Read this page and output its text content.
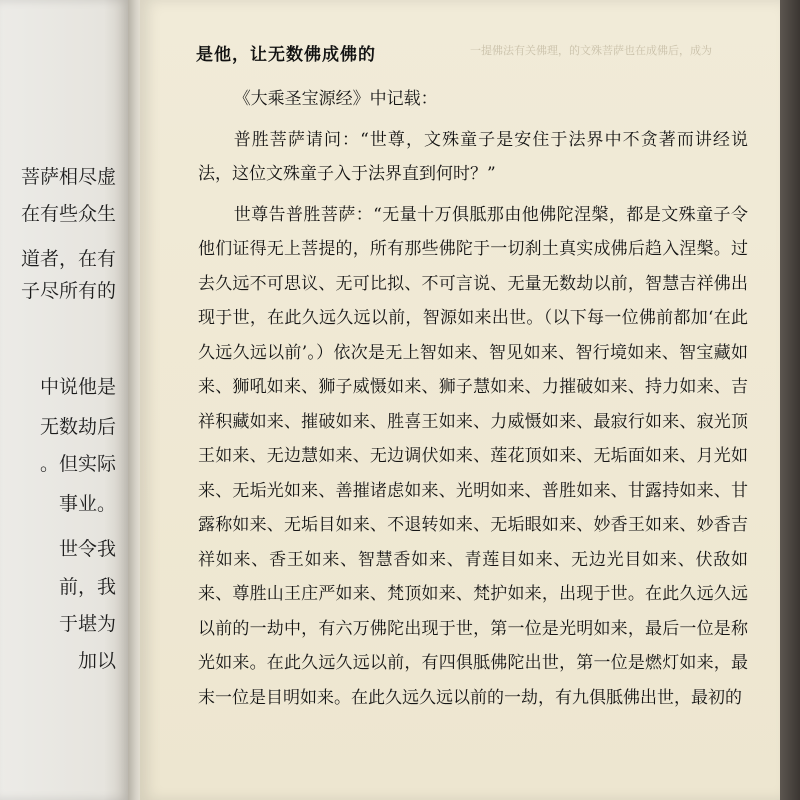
菩萨相尽虚
在有些众生
道者，在有
子尽所有的
中说他是
无数劫后
。但实际
事业。
世令我
前，我
于堪为
加以
一提佛法有关佛理，的文殊菩萨也在成佛后，成为
是他，让无数佛成佛的

《大乘圣宝源经》中记载：

普胜菩萨请问：“世尊，文殊童子是安住于法界中不贪著而讲经说法，这位文殊童子入于法界直到何时？”

世尊告普胜菩萨：“无量十万俱胝那由他佛陀涅槃，都是文殊童子令他们证得无上菩提的，所有那些佛陀于一切刹土真实成佛后趋入涅槃。过去久远不可思议、无可比拟、不可言说、无量无数劫以前，智慧吉祥佛出现于世，在此久远久远以前，智源如来出世。（以下每一位佛前都加‘在此久远久远以前’。）依次是无上智如来、智见如来、智行境如来、智宝藏如来、狮吼如来、狮子威慑如来、狮子慧如来、力摧破如来、持力如来、吉祥积藏如来、摧破如来、胜喜王如来、力威慑如来、最寂行如来、寂光顶王如来、无边慧如来、无边调伏如来、莲花顶如来、无垢面如来、月光如来、无垢光如来、善摧诸虑如来、光明如来、普胜如来、甘露持如来、甘露称如来、无垢目如来、不退转如来、无垢眼如来、妙香王如来、妙香吉祥如来、香王如来、智慧香如来、青莲目如来、无边光目如来、伏敌如来、尊胜山王庄严如来、梵顶如来、梵护如来，出现于世。在此久远久远以前的一劫中，有六万佛陀出现于世，第一位是光明如来，最后一位是称光如来。在此久远久远以前，有四俱胝佛陀出世，第一位是燃灯如来，最末一位是目明如来。在此久远久远以前的一劫，有九俱胝佛出世，最初的
